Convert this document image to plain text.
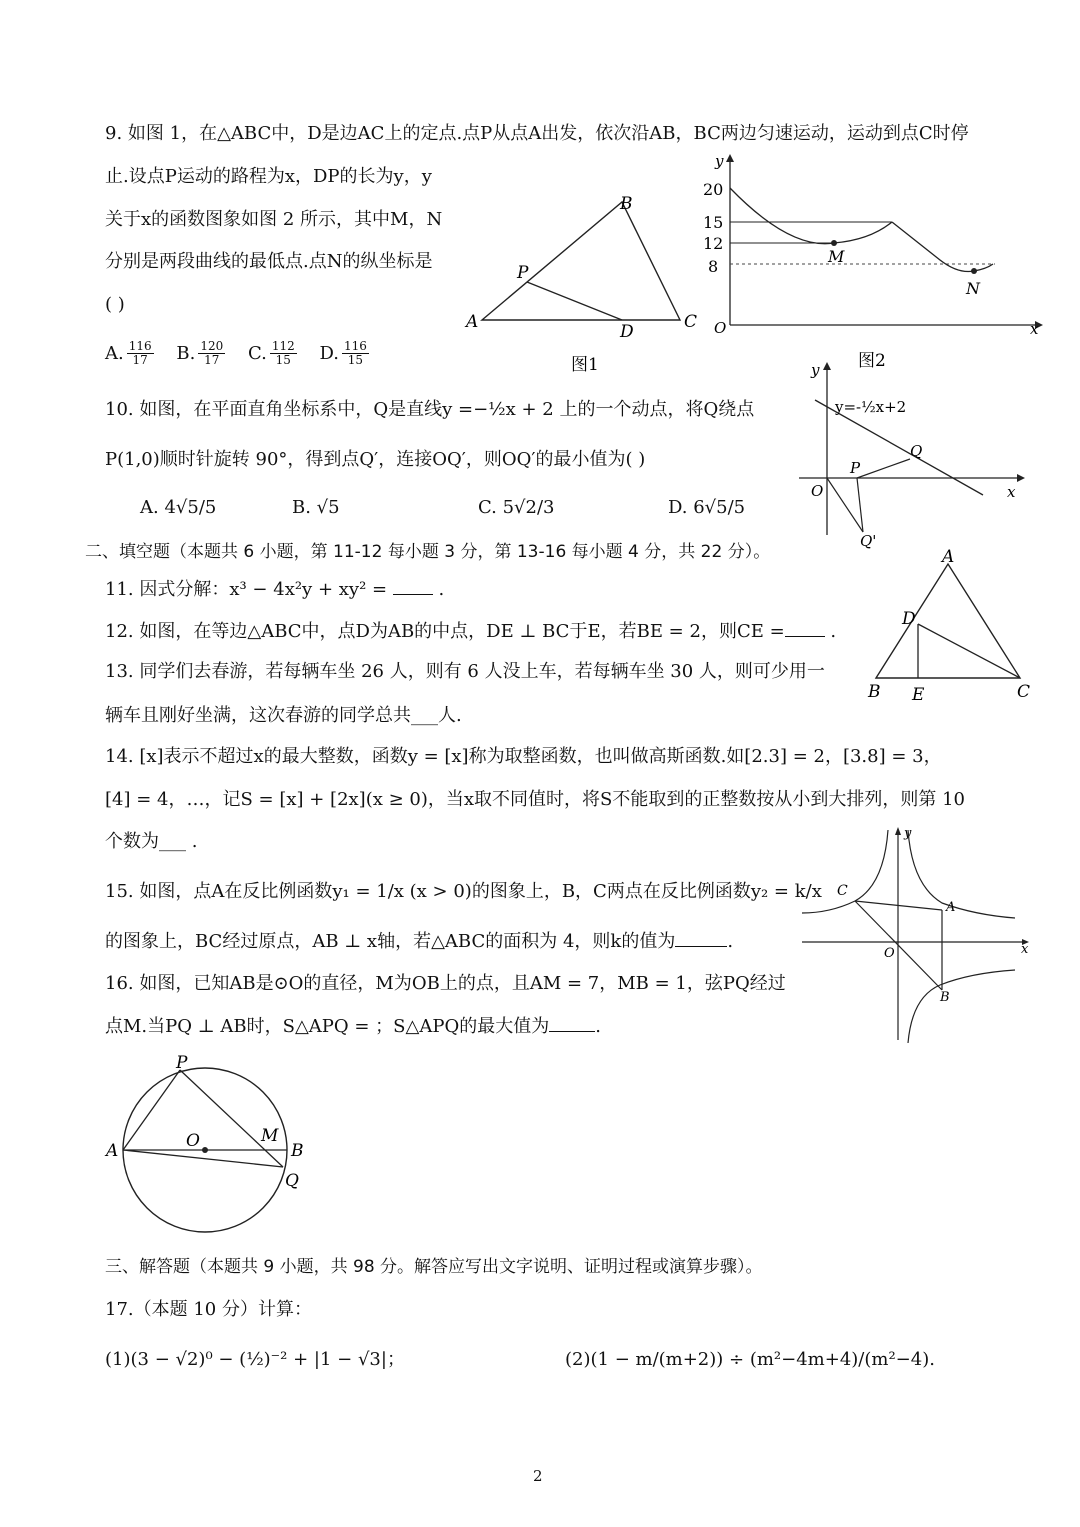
9. 如图 1，在△ABC中，D是边AC上的定点.点P从点A出发，依次沿AB，BC两边匀速运动，运动到点C时停
止.设点P运动的路程为x，DP的长为y，y
关于x的函数图象如图 2 所示，其中M，N
分别是两段曲线的最低点.点N的纵坐标是
( )
A. $\frac{116}{17} B$. $\frac{120}{17} C$. $\frac{112}{15} D$. $\frac{116}{15}$
A
B
C
D
P
图1
y
x
O
20
15
12
8
M
N
图2
10. 如图，在平面直角坐标系中，Q是直线y =−½x + 2 上的一个动点，将Q绕点
P(1,0)顺时针旋转 90°，得到点Q′，连接OQ′，则OQ′的最小值为( )
A. 4√5/5	B. √5	C. 5√2/3	D. 6√5/5
y
x
O
y=-½x+2
P
Q
Q'
二、填空题（本题共 6 小题，第 11-12 每小题 3 分，第 13-16 每小题 4 分，共 22 分）。
11. 因式分解：x³ − 4x²y + xy² =	.
12. 如图，在等边△ABC中，点D为AB的中点，DE ⊥ BC于E，若BE = 2，则CE = .
A
B	C
D
E
13. 同学们去春游，若每辆车坐 26 人，则有 6 人没上车，若每辆车坐 30 人，则可少用一
辆车且刚好坐满，这次春游的同学总共___人.
14. [x]表示不超过x的最大整数，函数y = [x]称为取整函数，也叫做高斯函数.如[2.3] = 2，[3.8] = 3，
[4] = 4，…，记S = [x] + [2x](x ≥ 0)，当x取不同值时，将S不能取到的正整数按从小到大排列，则第 10
个数为___ .
15. 如图，点A在反比例函数y₁ = 1/x (x > 0)的图象上，B，C两点在反比例函数y₂ = k/x
的图象上，BC经过原点，AB ⊥ x轴，若△ABC的面积为 4，则k的值为	.
y
x
O
A
B
C
16. 如图，已知AB是⊙O的直径，M为OB上的点，且AM = 7，MB = 1，弦PQ经过
点M.当PQ ⊥ AB时，S△APQ = ；S△APQ的最大值为	.
P
A	O	M
B
Q
三、解答题（本题共 9 小题，共 98 分。解答应写出文字说明、证明过程或演算步骤）。
17.（本题 10 分）计算：
(1)(3 − √2)⁰ − (½)⁻² + |1 − √3|；	(2)(1 − m/(m+2)) ÷ (m²−4m+4)/(m²−4).
2
